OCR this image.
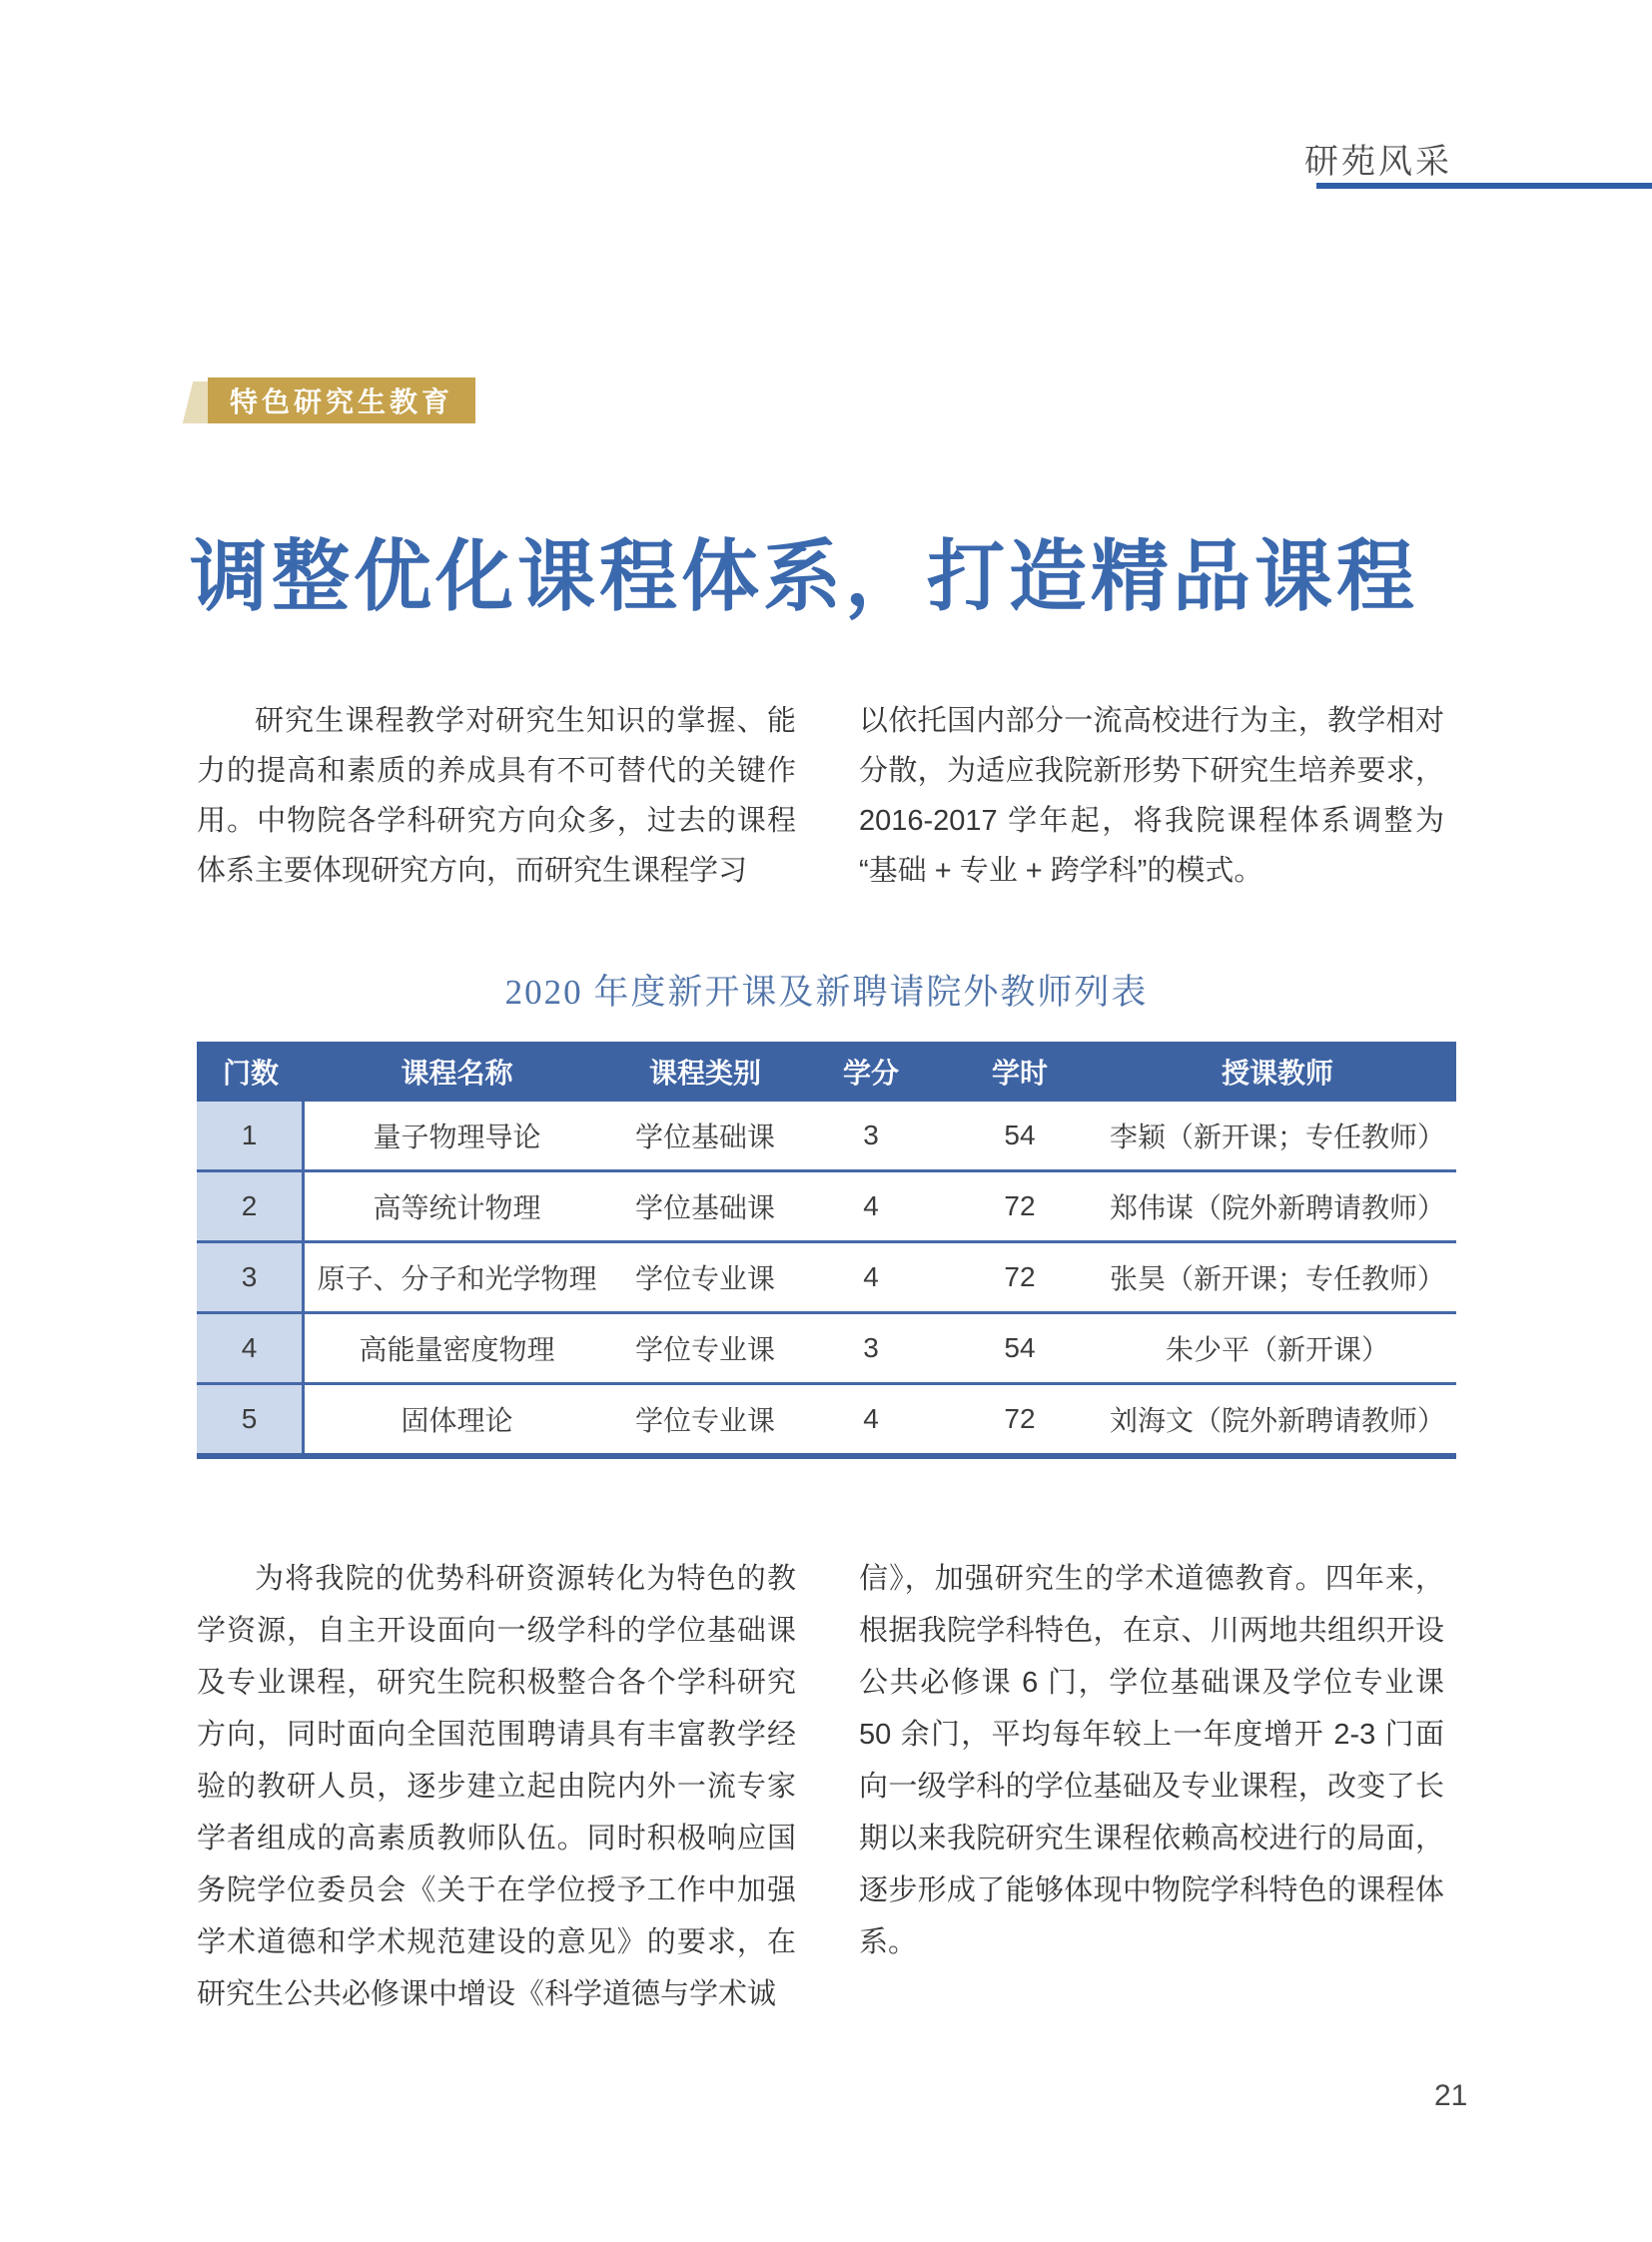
研苑风采
特色研究生教育
调整优化课程体系，打造精品课程

研究生课程教学对研究生知识的掌握、能力的提高和素质的养成具有不可替代的关键作用。中物院各学科研究方向众多，过去的课程体系主要体现研究方向，而研究生课程学习

以依托国内部分一流高校进行为主，教学相对分散，为适应我院新形势下研究生培养要求，2016-2017 学年起，将我院课程体系调整为“基础 + 专业 + 跨学科”的模式。

2020 年度新开课及新聘请院外教师列表
门数	课程名称	课程类别	学分	学时	授课教师
1	量子物理导论	学位基础课	3	54	李颖（新开课；专任教师）
2	高等统计物理	学位基础课	4	72	郑伟谋（院外新聘请教师）
3	原子、分子和光学物理	学位专业课	4	72	张昊（新开课；专任教师）
4	高能量密度物理	学位专业课	3	54	朱少平（新开课）
5	固体理论	学位专业课	4	72	刘海文（院外新聘请教师）

为将我院的优势科研资源转化为特色的教学资源，自主开设面向一级学科的学位基础课及专业课程，研究生院积极整合各个学科研究方向，同时面向全国范围聘请具有丰富教学经验的教研人员，逐步建立起由院内外一流专家学者组成的高素质教师队伍。同时积极响应国务院学位委员会《关于在学位授予工作中加强学术道德和学术规范建设的意见》的要求，在研究生公共必修课中增设《科学道德与学术诚

信》，加强研究生的学术道德教育。四年来，根据我院学科特色，在京、川两地共组织开设公共必修课 6 门，学位基础课及学位专业课 50 余门，平均每年较上一年度增开 2-3 门面向一级学科的学位基础及专业课程，改变了长期以来我院研究生课程依赖高校进行的局面，逐步形成了能够体现中物院学科特色的课程体系。

21
